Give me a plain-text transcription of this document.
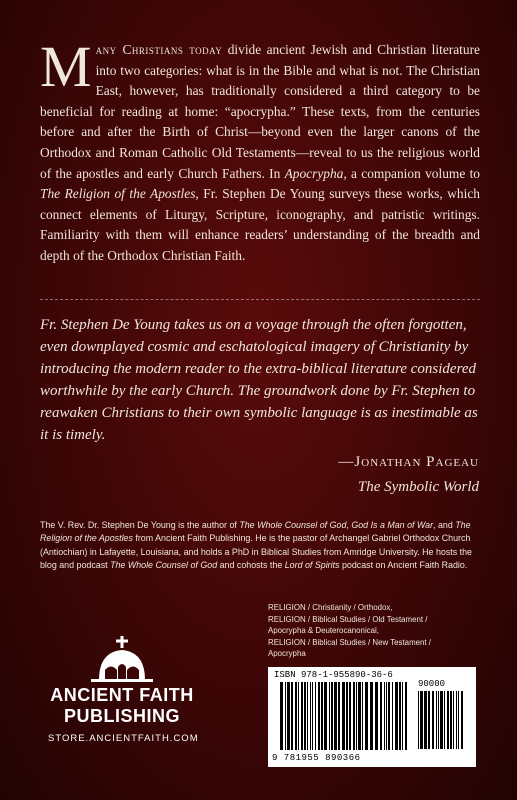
Many Christians today divide ancient Jewish and Christian literature into two categories: what is in the Bible and what is not. The Christian East, however, has traditionally considered a third category to be beneficial for reading at home: “apocrypha.” These texts, from the centuries before and after the Birth of Christ—beyond even the larger canons of the Orthodox and Roman Catholic Old Testaments—reveal to us the religious world of the apostles and early Church Fathers. In Apocrypha, a companion volume to The Religion of the Apostles, Fr. Stephen De Young surveys these works, which connect elements of Liturgy, Scripture, iconography, and patristic writings. Familiarity with them will enhance readers’ understanding of the breadth and depth of the Orthodox Christian Faith.
Fr. Stephen De Young takes us on a voyage through the often forgotten, even downplayed cosmic and eschatological imagery of Christianity by introducing the modern reader to the extra-biblical literature considered worthwhile by the early Church. The groundwork done by Fr. Stephen to reawaken Christians to their own symbolic language is as inestimable as it is timely.
—Jonathan Pageau
The Symbolic World
The V. Rev. Dr. Stephen De Young is the author of The Whole Counsel of God, God Is a Man of War, and The Religion of the Apostles from Ancient Faith Publishing. He is the pastor of Archangel Gabriel Orthodox Church (Antiochian) in Lafayette, Louisiana, and holds a PhD in Biblical Studies from Amridge University. He hosts the blog and podcast The Whole Counsel of God and cohosts the Lord of Spirits podcast on Ancient Faith Radio.
RELIGION / Christianity / Orthodox,
RELIGION / Biblical Studies / Old Testament /
Apocrypha & Deuterocanonical,
RELIGION / Biblical Studies / New Testament /
Apocrypha
ANCIENT FAITH
PUBLISHING
STORE.ANCIENTFAITH.COM
ISBN 978-1-955890-36-6
90000
9 781955 890366
